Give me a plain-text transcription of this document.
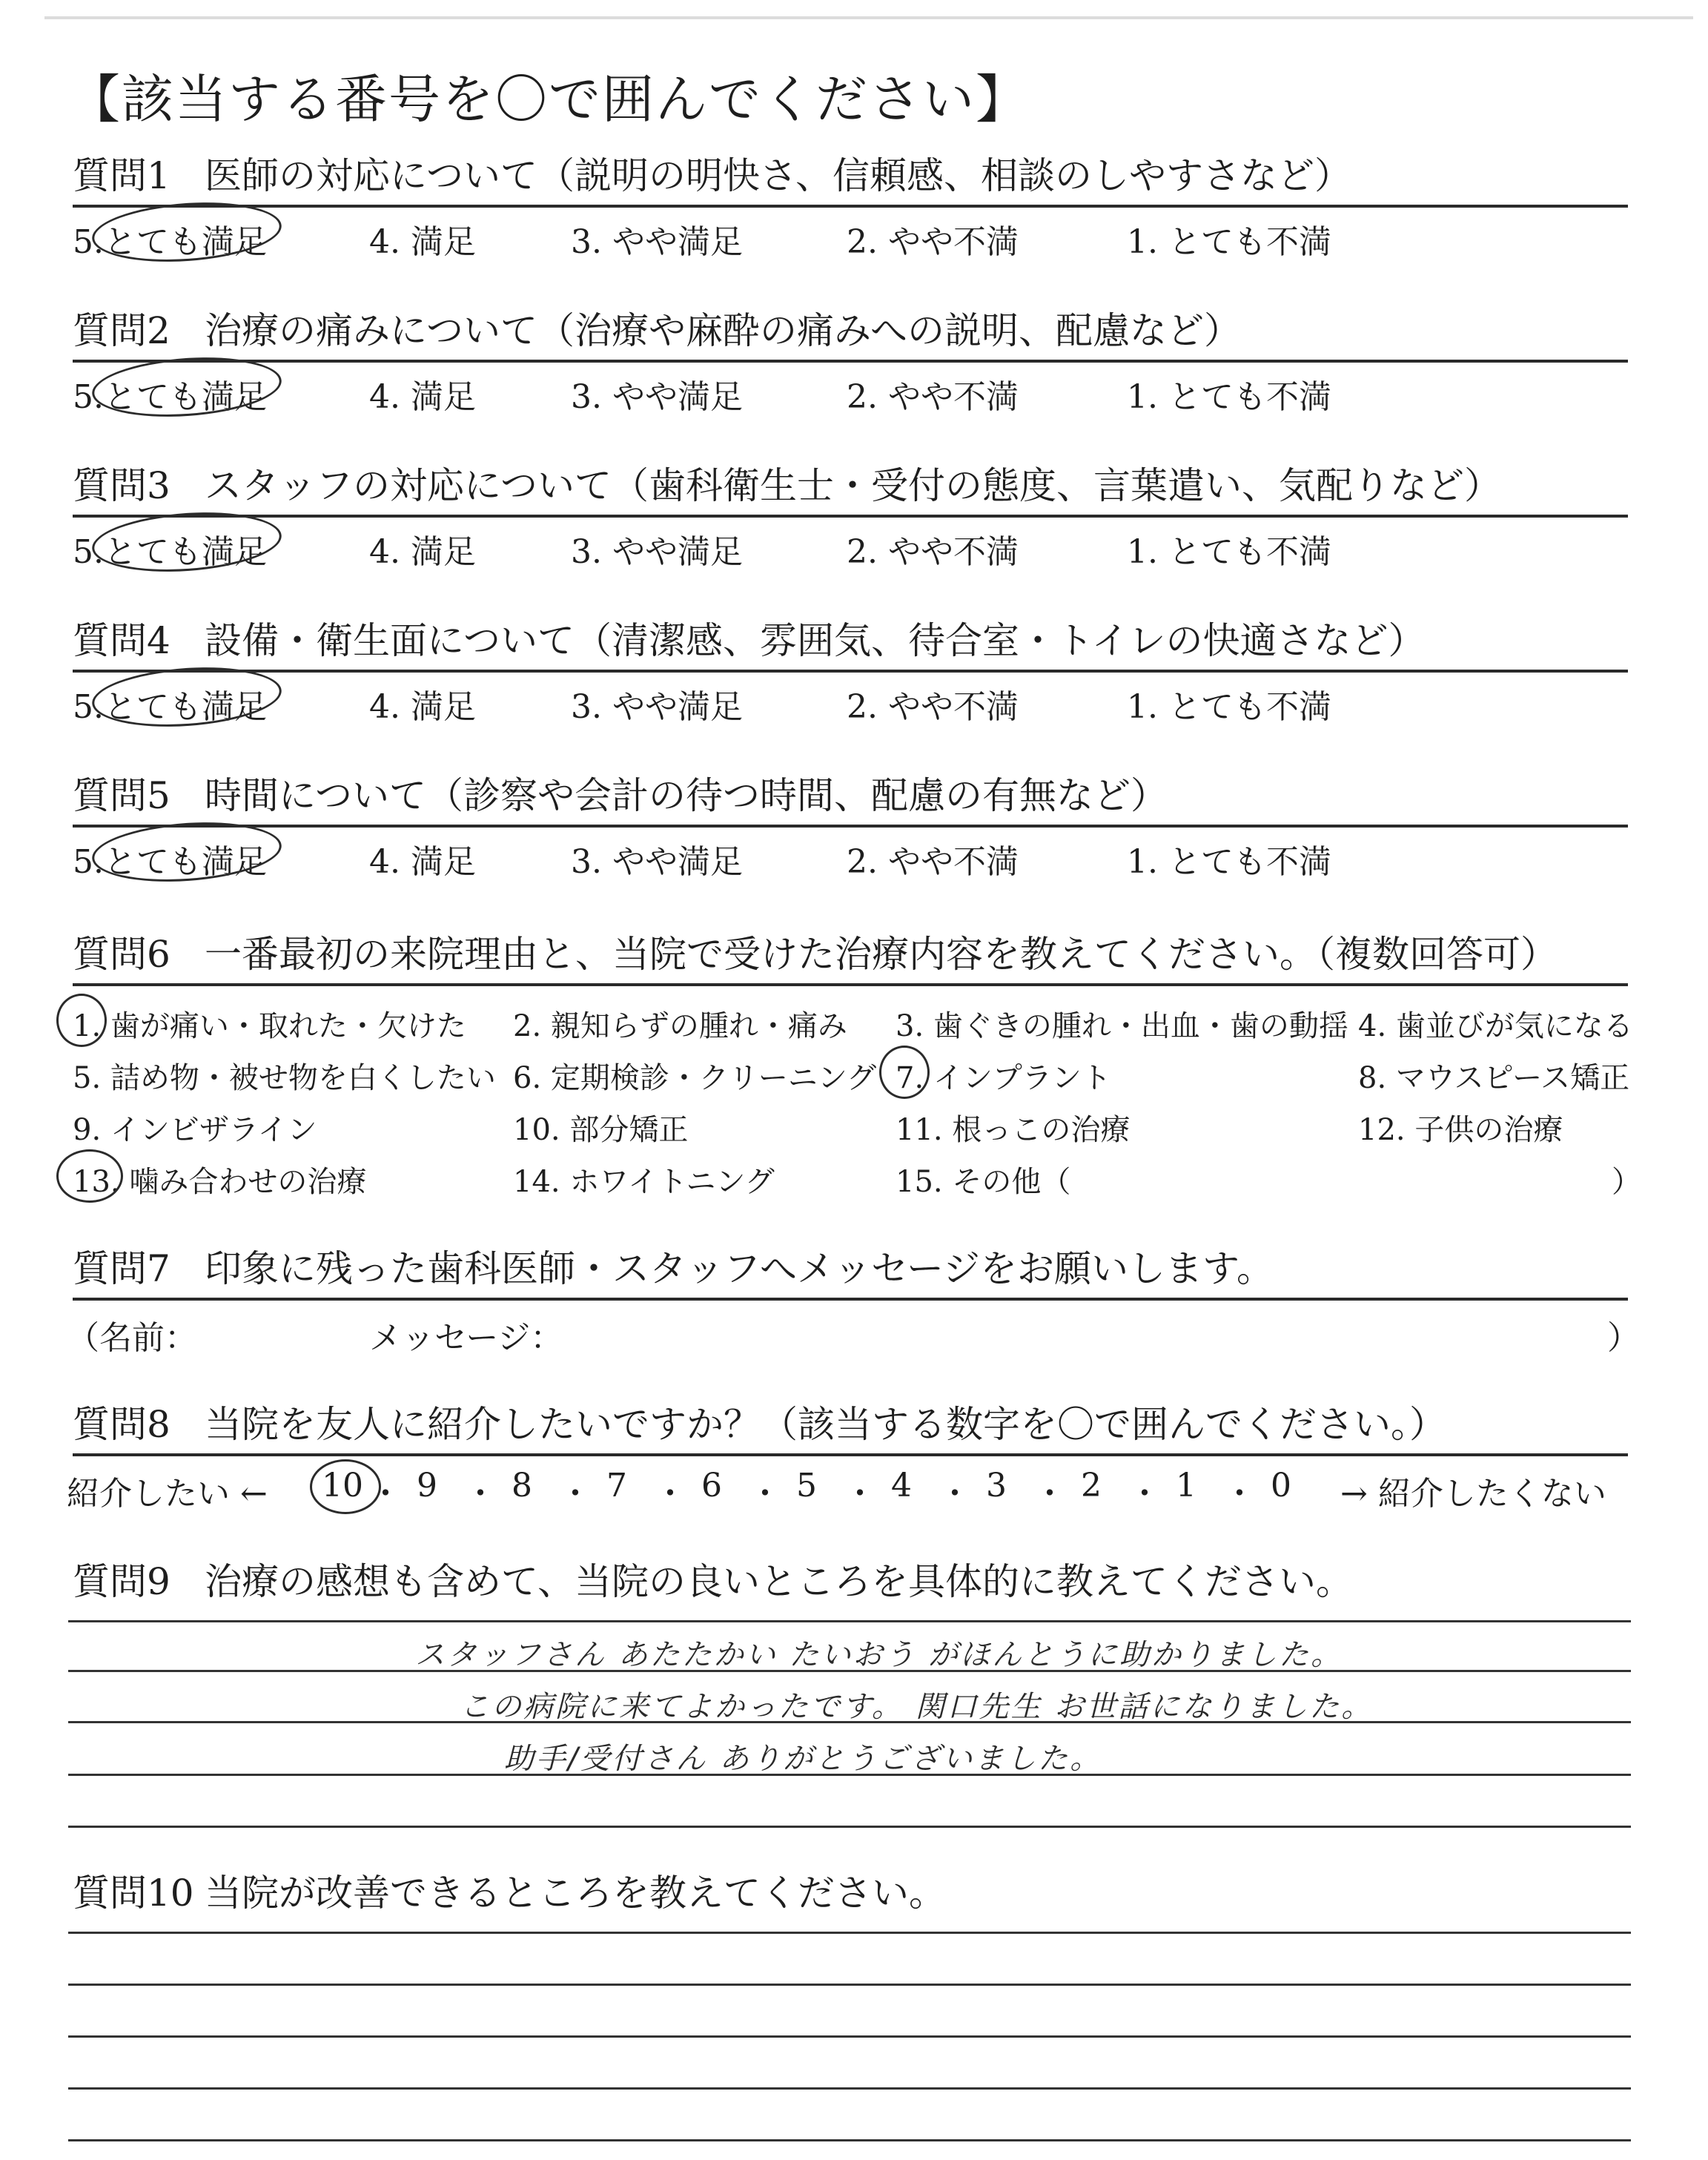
【該当する番号を〇で囲んでください】
質問1 医師の対応について（説明の明快さ、信頼感、相談のしやすさなど）
5.とても満足	4. 満足	3. やや満足	2. やや不満	1. とても不満
質問2 治療の痛みについて（治療や麻酔の痛みへの説明、配慮など）
5.とても満足	4. 満足	3. やや満足	2. やや不満	1. とても不満
質問3 スタッフの対応について（歯科衛生士・受付の態度、言葉遣い、気配りなど）
5.とても満足	4. 満足	3. やや満足	2. やや不満	1. とても不満
質問4 設備・衛生面について（清潔感、雰囲気、待合室・トイレの快適さなど）
5.とても満足	4. 満足	3. やや満足	2. やや不満	1. とても不満
質問5 時間について（診察や会計の待つ時間、配慮の有無など）
5.とても満足	4. 満足	3. やや満足	2. やや不満	1. とても不満
質問6 一番最初の来院理由と、当院で受けた治療内容を教えてください。（複数回答可）
1. 歯が痛い・取れた・欠けた 2. 親知らずの腫れ・痛み 3. 歯ぐきの腫れ・出血・歯の動揺 4. 歯並びが気になる
5. 詰め物・被せ物を白くしたい 6. 定期検診・クリーニング 7. インプラント	8. マウスピース矯正
9. インビザライン	10. 部分矯正	11. 根っこの治療	12. 子供の治療
13. 噛み合わせの治療	14. ホワイトニング	15. その他（	）
質問7 印象に残った歯科医師・スタッフへメッセージをお願いします。
（名前：	メッセージ：	）
質問8 当院を友人に紹介したいですか？（該当する数字を〇で囲んでください。）
紹介したい ←	→ 紹介したくない
10 ・ 9 ・ 8 ・ 7 ・ 6 ・ 5 ・ 4 ・ 3 ・ 2 ・ 1 ・ 0
質問9 治療の感想も含めて、当院の良いところを具体的に教えてください。
スタッフさん あたたかい たいおう がほんとうに助かりました。
この病院に来てよかったです。 関口先生 お世話になりました。
助手/受付さん ありがとうございました。
質問10 当院が改善できるところを教えてください。
